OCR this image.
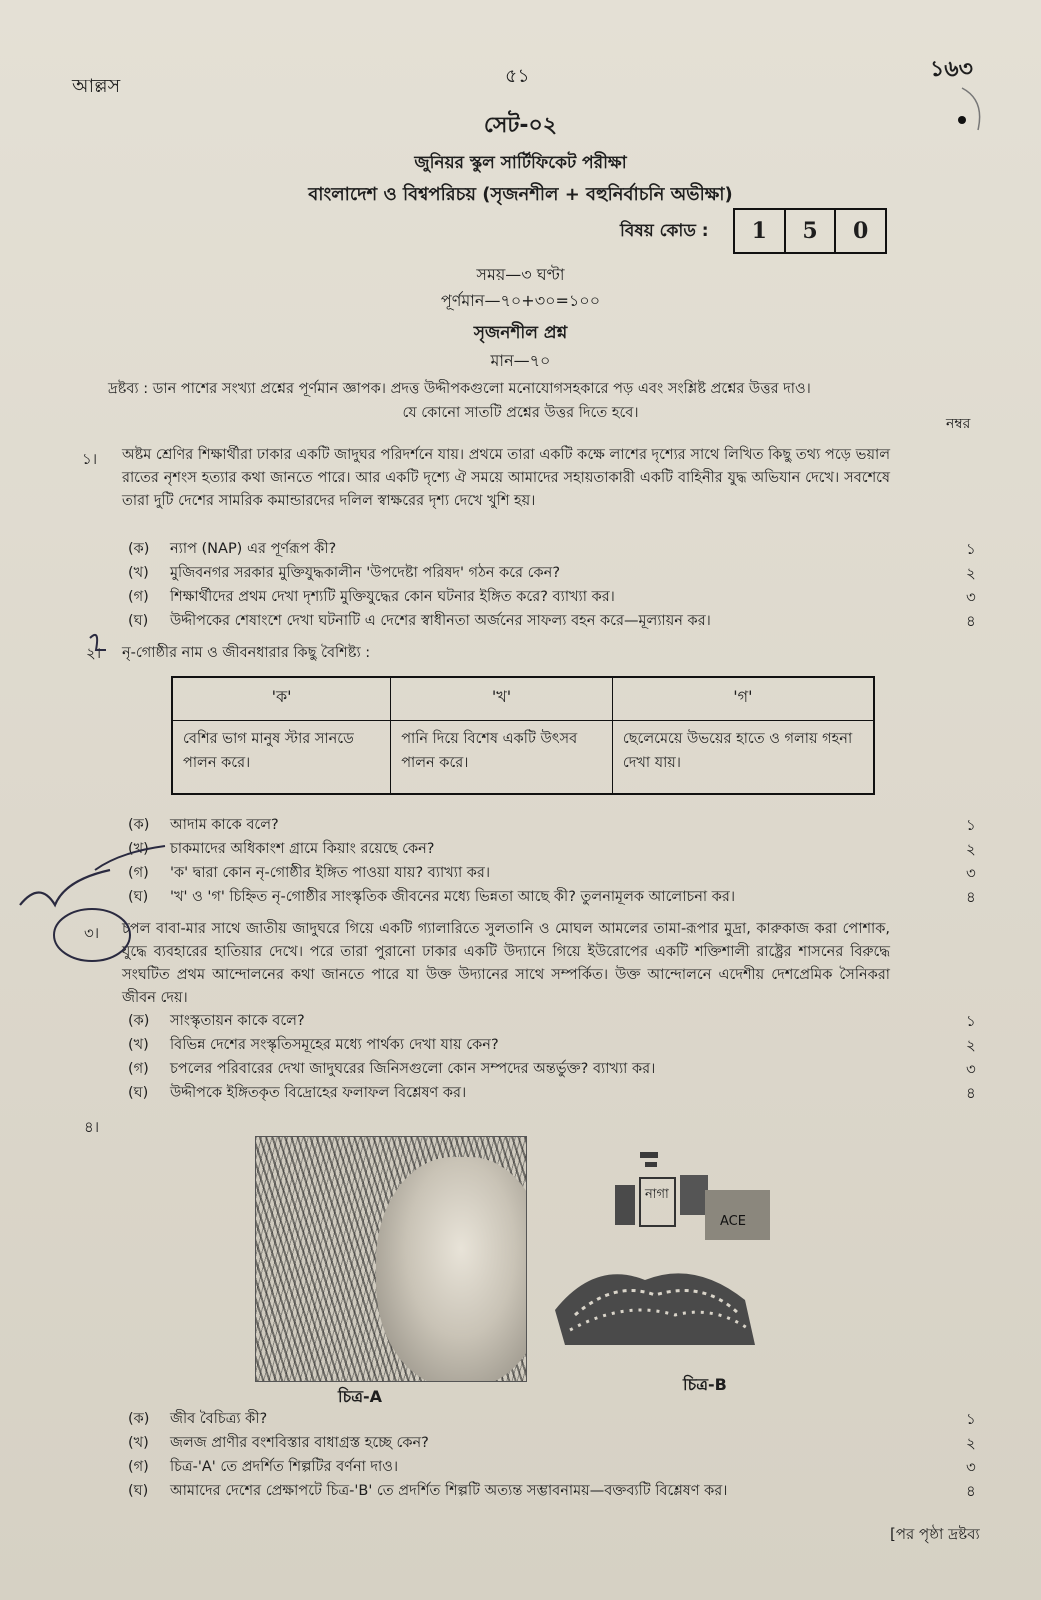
আল্লস	৫১	১৬৩
সেট-০২
জুনিয়র স্কুল সার্টিফিকেট পরীক্ষা
বাংলাদেশ ও বিশ্বপরিচয় (সৃজনশীল + বহুনির্বাচনি অভীক্ষা)
বিষয় কোড :	1	5	0
সময়—৩ ঘণ্টা
পূর্ণমান—৭০+৩০=১০০
সৃজনশীল প্রশ্ন
মান—৭০
দ্রষ্টব্য : ডান পাশের সংখ্যা প্রশ্নের পূর্ণমান জ্ঞাপক। প্রদত্ত উদ্দীপকগুলো মনোযোগসহকারে পড় এবং সংশ্লিষ্ট প্রশ্নের উত্তর দাও।
যে কোনো সাতটি প্রশ্নের উত্তর দিতে হবে।
নম্বর
১। অষ্টম শ্রেণির শিক্ষার্থীরা ঢাকার একটি জাদুঘর পরিদর্শনে যায়। প্রথমে তারা একটি কক্ষে লাশের দৃশ্যের সাথে লিখিত কিছু তথ্য পড়ে ভয়াল রাতের নৃশংস হত্যার কথা জানতে পারে। আর একটি দৃশ্যে ঐ সময়ে আমাদের সহায়তাকারী একটি বাহিনীর যুদ্ধ অভিযান দেখে। সবশেষে তারা দুটি দেশের সামরিক কমান্ডারদের দলিল স্বাক্ষরের দৃশ্য দেখে খুশি হয়।
(ক) ন্যাপ (NAP) এর পূর্ণরূপ কী?	১
(খ) মুজিবনগর সরকার মুক্তিযুদ্ধকালীন 'উপদেষ্টা পরিষদ' গঠন করে কেন?	২
(গ) শিক্ষার্থীদের প্রথম দেখা দৃশ্যটি মুক্তিযুদ্ধের কোন ঘটনার ইঙ্গিত করে? ব্যাখ্যা কর।	৩
(ঘ) উদ্দীপকের শেষাংশে দেখা ঘটনাটি এ দেশের স্বাধীনতা অর্জনের সাফল্য বহন করে—মূল্যায়ন কর।	৪
২। নৃ-গোষ্ঠীর নাম ও জীবনধারার কিছু বৈশিষ্ট্য :
'ক'	'খ'	'গ'
বেশির ভাগ মানুষ স্টার সানডে পালন করে।	পানি দিয়ে বিশেষ একটি উৎসব পালন করে।	ছেলেমেয়ে উভয়ের হাতে ও গলায় গহনা দেখা যায়।
(ক) আদাম কাকে বলে?	১
(খ) চাকমাদের অধিকাংশ গ্রামে কিয়াং রয়েছে কেন?	২
(গ) 'ক' দ্বারা কোন নৃ-গোষ্ঠীর ইঙ্গিত পাওয়া যায়? ব্যাখ্যা কর।	৩
(ঘ) 'খ' ও 'গ' চিহ্নিত নৃ-গোষ্ঠীর সাংস্কৃতিক জীবনের মধ্যে ভিন্নতা আছে কী? তুলনামূলক আলোচনা কর।	৪
৩। চপল বাবা-মার সাথে জাতীয় জাদুঘরে গিয়ে একটি গ্যালারিতে সুলতানি ও মোঘল আমলের তামা-রূপার মুদ্রা, কারুকাজ করা পোশাক, যুদ্ধে ব্যবহারের হাতিয়ার দেখে। পরে তারা পুরানো ঢাকার একটি উদ্যানে গিয়ে ইউরোপের একটি শক্তিশালী রাষ্ট্রের শাসনের বিরুদ্ধে সংঘটিত প্রথম আন্দোলনের কথা জানতে পারে যা উক্ত উদ্যানের সাথে সম্পর্কিত। উক্ত আন্দোলনে এদেশীয় দেশপ্রেমিক সৈনিকরা জীবন দেয়।
(ক) সাংস্কৃতায়ন কাকে বলে?	১
(খ) বিভিন্ন দেশের সংস্কৃতিসমূহের মধ্যে পার্থক্য দেখা যায় কেন?	২
(গ) চপলের পরিবারের দেখা জাদুঘরের জিনিসগুলো কোন সম্পদের অন্তর্ভুক্ত? ব্যাখ্যা কর।	৩
(ঘ) উদ্দীপকে ইঙ্গিতকৃত বিদ্রোহের ফলাফল বিশ্লেষণ কর।	৪
৪।
চিত্র-A
নাগা
ACE
চিত্র-B
(ক) জীব বৈচিত্র্য কী?	১
(খ) জলজ প্রাণীর বংশবিস্তার বাধাগ্রস্ত হচ্ছে কেন?	২
(গ) চিত্র-'A' তে প্রদর্শিত শিল্পটির বর্ণনা দাও।	৩
(ঘ) আমাদের দেশের প্রেক্ষাপটে চিত্র-'B' তে প্রদর্শিত শিল্পটি অত্যন্ত সম্ভাবনাময়—বক্তব্যটি বিশ্লেষণ কর।	৪
[পর পৃষ্ঠা দ্রষ্টব্য
